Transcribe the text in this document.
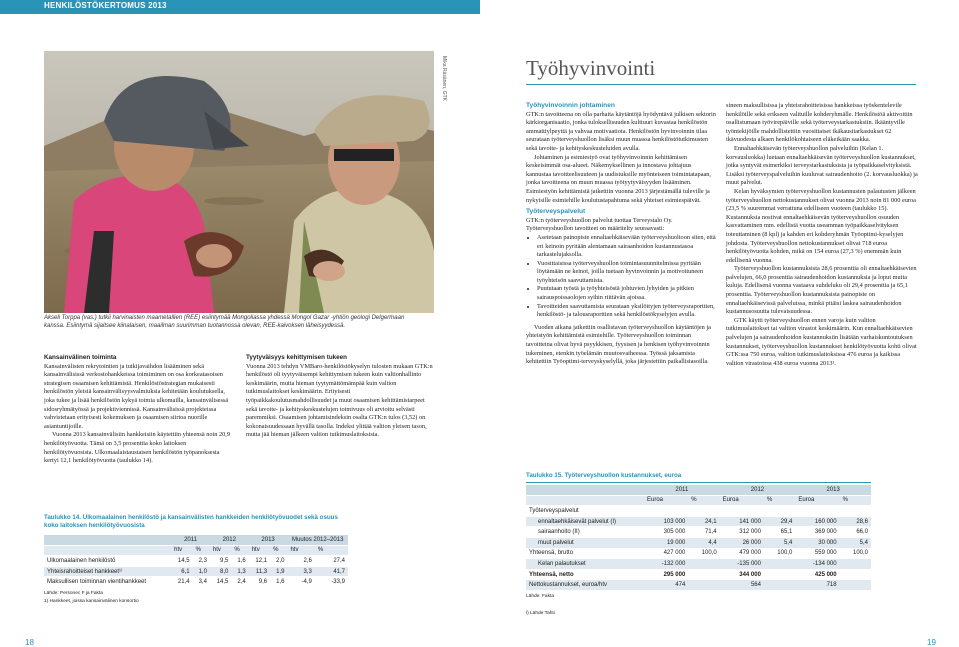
HENKILÖSTÖKERTOMUS 2013
Mika Räsänen, GTK
Akseli Torppa (vas.) tutkii harvinaisten maametallien (REE) esiintymää Mongoliassa yhdessä Mongol Gazar -yhtiön geologi Delgermaan kanssa. Esiintymä sijaitsee kiinalaisen, maailman suurimman tuotannossa olevan, REE-kaivoksen läheisyydessä.

Kansainvälinen toiminta

Kansainvälisten rekrytointien ja tutkijavaihdon lisääminen sekä kansainvälisissä verkostohankkeissa toimiminen on osa korkeatasoisen strategisen osaamisen kehittämistä. Henkilöstöstrategian mukaisesti henkilöstön yleisiä kansainvälisyysvalmiuksia kehitetään koulutuksella, joka tukee ja lisää henkilöstön kykyä toimia ulkomailla, kansainvälisessä sidosryhmätyössä ja projektiviennissä. Kansainvälisissä projekteissa vahvistetaan erityisesti kokemuksen ja osaamisen siirtoa nuorille asiantuntijoille.

Vuonna 2013 kansainvälisiin hankkeisiin käytettiin yhteensä noin 20,9 henkilötyövuotta. Tämä on 3,5 prosenttia koko laitoksen henkilötyövuosista. Ulkomaalaistaustaisen henkilöstön työpanoksesta kertyi 12,1 henkilötyövuotta (taulukko 14).

Tyytyväisyys kehittymisen tukeen

Vuonna 2013 tehdyn VMBaro-henkilöstökyselyn tulosten mukaan GTK:n henkilöstö oli tyytyväisempi kehittymisen tukeen kuin valtionhallinto keskimäärin, mutta hieman tyytymättömämpää kuin valtion tutkimuslaitokset keskimäärin. Erityisesti työpaikkakoulutusmahdollisuudet ja muut osaamisen kehittämistarpeet sekä tavoite- ja kehityskeskustelujen toimivuus oli arvioitu selvästi paremmiksi. Osaamisen johtamisindeksin osalta GTK:n tulos (3,52) on kokonaisuudessaan hyvällä tasolla. Indeksi ylittää valtion yleisen tason, mutta jää hieman jälkeen valtion tutkimuslaitoksista.

Taulukko 14. Ulkomaalainen henkilöstö ja kansainvälisten hankkeiden henkilötyövuodet sekä osuus koko laitoksen henkilötyövuosista
	2011		2012		2013		Muutos 2012–2013	
	htv	%	htv	%	htv	%	htv	%
Ulkomaalainen henkilöstö	14,5	2,3	9,5	1,6	12,1	2,0	2,6	27,4
Yhteisrahoitteiset hankkeet¹⁾	6,1	1,0	8,0	1,3	11,3	1,9	3,3	41,7
Maksullisen toiminnan vientihankkeet	21,4	3,4	14,5	2,4	9,6	1,6	-4,9	-33,9
Lähde: Personec F ja Fakta
1) Hankkeet, joissa kansainvälinen konsortio
18
Työhyvinvointi

Työhyvinvoinnin johtaminen

GTK:n tavoitteena on olla parhaita käytäntöjä hyödyntävä julkisen sektorin kärkiorganisaatio, jonka tuloksellisuuden kulttuuri kuvastaa henkilöstön ammattiylpeyttä ja vahvaa motivaatiota. Henkilöstön hyvinvoinnin tilaa seurataan työterveyshuollon lisäksi muun muassa henkilöstötutkimusten sekä tavoite- ja kehityskeskusteluiden avulla.

Johtaminen ja esimiestyö ovat työhyvinvoinnin kehittämisen keskeisimmät osa-alueet. Näkemyksellinen ja innostava johtajuus kannustaa tavoitteelisuuteen ja uudistuksille myönteiseen toimintatapaan, jonka tavoitteena on muun muassa työtyytyväisyyden lisääminen. Esimiestyön kehittämistä jatkettiin vuonna 2013 järjestämällä tuleville ja nykyisille esimiehille koulutustapahtuma sekä yhteiset esimiespäivät.

Työterveyspalvelut

GTK:n työterveyshuollon palvelut tuottaa Terveystalo Oy. Työterveyshuollon tavoitteet on määritelty seuraavasti:

• Asetetaan painopiste ennaltaehkäisevään työterveyshuoltoon siten, että eri keinoin pyritään alentamaan sairaanhoidon kustannustasoa tarkastelujaksolla.
• Vuosittaisissa työterveyshuollon toimintasuunnitelmissa pyritään löytämään ne keinot, joilla tuetaan hyvinvoinnin ja motivoituneen työyhteisön saavuttamista.
• Puututaan työstä ja työyhteisöstä johtuvien lyhyiden ja pitkien sairauspoissaolojen syihin riittävän ajoissa.
• Tavoitteiden saavuttamista seurataan yksilöityjen työterveysraporttien, henkilöstö- ja talousraporttien sekä henkilöstökyselyjen avulla.

Vuoden aikana jatkettiin osallistavan työterveyshuollon käytäntöjen ja yhteistyön kehittämistä esimiehille. Työterveyshuollon toiminnan tavoitteina olivat hyvä psyykkisen, fyysisen ja henkisen työhyvinvoinnin tukeminen, etenkin työelämän muutosvaiheessa. Työssä jaksamista kehitettiin Työoptimi-terveyskyselyllä, joka järjestettiin paikallistasoilla.

sineen maksullisissa ja yhteisrahoitteisissa hankkeissa työskentelevile henkilöille sekä erikseen valituille kohderyhmälle. Henkilöstöä aktivoitiin osallistumaan työvirepäiville sekä työterveystarkastuksiin. Ikääntyville työntekijöille mahdollistettiin vuosittaiset ikäkausitarkastukset 62 ikävuodesta alkaen henkilökohtaiseen eläkeikään saakka.

Ennaltaehkäisevän työterveyshuollon palveluihin (Kelan 1. korvausluokka) luetaan ennaltaehkäisevän työterveyshuollon kustannukset, jotka syntyvät esimerkiksi terveystarkastuksista ja työpaikkaselvityksistä. Lisäksi työterveyspalveluihin kuuluvat sairaudenhoito (2. korvausluokka) ja muut palvelut.

Kelan hyväksymien työterveyshuollon kustannusten palautusten jälkeen työterveyshuollon nettokustannukset olivat vuonna 2013 noin 81 000 euroa (23,5 % suuremmat verrattuna edelliseen vuoteen (taulukko 15). Kustannuksia nostivat ennaltaehkäisevän työterveyshuollon osuuden kasvattaminen mm. edellistä vuotta useamman työpaikkaselvityksen toteuttaminen (8 kpl) ja kahden eri kohderyhmän Työoptimi-kyselyjen johdosta. Työterveyshuollon nettokustannukset olivat 718 euroa henkilötyövuotta kohden, mikä on 154 euroa (27,3 %) enemmän kuin edellisenä vuonna.

Työterveyshuollon kustannuksista 28,6 prosenttia oli ennaltaehkäisevien palvelujen, 66,0 prosenttia sairaudenhoidon kustannuksia ja loput muita kuluja. Edellisenä vuonna vastaava suhdeluku oli 29,4 prosenttia ja 65,1 prosenttia. Työterveyshuollon kustannuksista painopiste on ennaltaehkäisevissä palveluissa, minkä pitäisi laskea sairaudenhoidon kustannusosuutta tulevaisuudessa.

GTK käytti työterveyshuollon ennen varoja kuin valtion tutkimuslaitokset tai valtion virastot keskimäärin. Kun ennaltaehkäisevien palvelujen ja sairaudenhoidon kustannuksiin lisätään varhaiskuntoutuksen kustannukset, työterveyshuollon kustannukset henkilötyövuotta kohti olivat GTK:ssa 750 euroa, valtion tutkimuslaitoksissa 476 euroa ja kaikissa valtion virastoissa 438 euroa vuonna 2013¹.

Taulukko 15. Työterveyshuollon kustannukset, euroa
	2011		2012		2013	
	Euroa	%	Euroa	%	Euroa	%
Työterveyspalvelut						
ennaltaehkäisevät palvelut (I)	103 000	24,1	141 000	29,4	160 000	28,6
sairaanhoito (II)	305 000	71,4	312 000	65,1	369 000	66,0
muut palvelut	19 000	4,4	26 000	5,4	30 000	5,4
Yhteensä, brutto	427 000	100,0	479 000	100,0	559 000	100,0
Kelan palautukset	-132 000		-135 000		-134 000	
Yhteensä, netto	295 000		344 000		425 000	
Nettokustannukset, euroa/htv	474		564		718	
Lähde: Fakta
l) Lähde:Tahti
19
